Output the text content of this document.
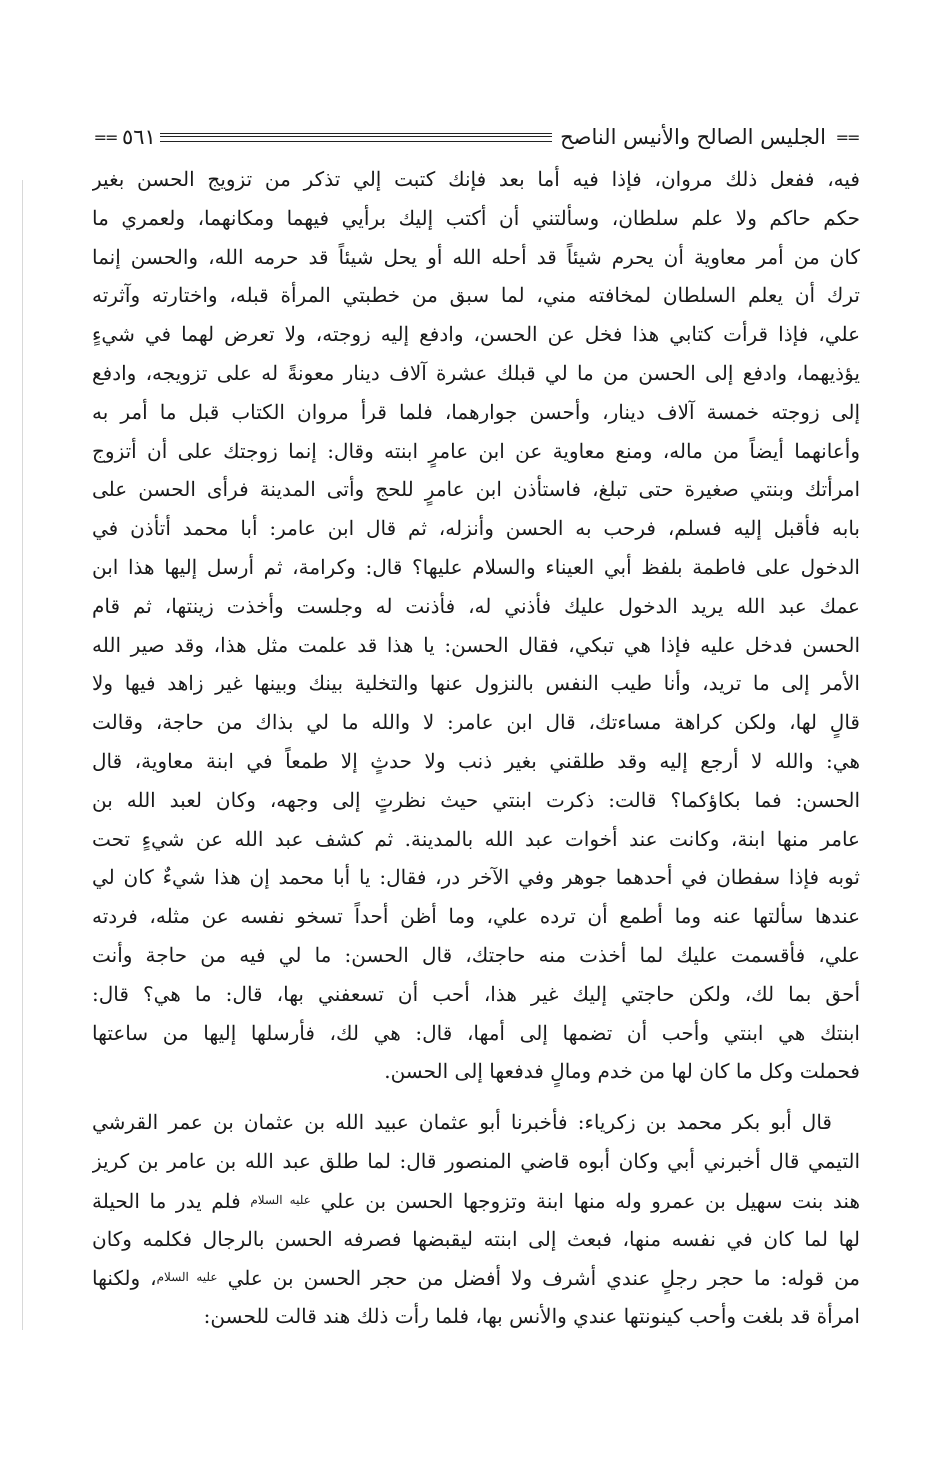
==
الجليس الصالح والأنيس الناصح
٥٦١
==
فيه، ففعل ذلك مروان، فإذا فيه أما بعد فإنك كتبت إلي تذكر من تزويج الحسن بغير
حكم حاكم ولا علم سلطان، وسألتني أن أكتب إليك برأيي فيهما ومكانهما، ولعمري ما
كان من أمر معاوية أن يحرم شيئاً قد أحله الله أو يحل شيئاً قد حرمه الله، والحسن إنما
ترك أن يعلم السلطان لمخافته مني، لما سبق من خطبتي المرأة قبله، واختارته وآثرته
علي، فإذا قرأت كتابي هذا فخل عن الحسن، وادفع إليه زوجته، ولا تعرض لهما في شيءٍ
يؤذيهما، وادفع إلى الحسن من ما لي قبلك عشرة آلاف دينار معونةً له على تزويجه، وادفع
إلى زوجته خمسة آلاف دينار، وأحسن جوارهما، فلما قرأ مروان الكتاب قبل ما أمر به
وأعانهما أيضاً من ماله، ومنع معاوية عن ابن عامرٍ ابنته وقال: إنما زوجتك على أن أتزوج
امرأتك وبنتي صغيرة حتى تبلغ، فاستأذن ابن عامرٍ للحج وأتى المدينة فرأى الحسن على
بابه فأقبل إليه فسلم، فرحب به الحسن وأنزله، ثم قال ابن عامر: أبا محمد أتأذن في
الدخول على فاطمة بلفظ أبي العيناء والسلام عليها؟ قال: وكرامة، ثم أرسل إليها هذا ابن
عمك عبد الله يريد الدخول عليك فأذني له، فأذنت له وجلست وأخذت زينتها، ثم قام
الحسن فدخل عليه فإذا هي تبكي، فقال الحسن: يا هذا قد علمت مثل هذا، وقد صير الله
الأمر إلى ما تريد، وأنا طيب النفس بالنزول عنها والتخلية بينك وبينها غير زاهد فيها ولا
قالٍ لها، ولكن كراهة مساءتك، قال ابن عامر: لا والله ما لي بذاك من حاجة، وقالت
هي: والله لا أرجع إليه وقد طلقني بغير ذنب ولا حدثٍ إلا طمعاً في ابنة معاوية، قال
الحسن: فما بكاؤكما؟ قالت: ذكرت ابنتي حيث نظرتٍ إلى وجهه، وكان لعبد الله بن
عامر منها ابنة، وكانت عند أخوات عبد الله بالمدينة. ثم كشف عبد الله عن شيءٍ تحت
ثوبه فإذا سفطان في أحدهما جوهر وفي الآخر در، فقال: يا أبا محمد إن هذا شيءٌ كان لي
عندها سألتها عنه وما أطمع أن ترده علي، وما أظن أحداً تسخو نفسه عن مثله، فردته
علي، فأقسمت عليك لما أخذت منه حاجتك، قال الحسن: ما لي فيه من حاجة وأنت
أحق بما لك، ولكن حاجتي إليك غير هذا، أحب أن تسعفني بها، قال: ما هي؟ قال:
ابنتك هي ابنتي وأحب أن تضمها إلى أمها، قال: هي لك، فأرسلها إليها من ساعتها
فحملت وكل ما كان لها من خدم ومالٍ فدفعها إلى الحسن.
قال أبو بكر محمد بن زكرياء: فأخبرنا أبو عثمان عبيد الله بن عثمان بن عمر القرشي
التيمي قال أخبرني أبي وكان أبوه قاضي المنصور قال: لما طلق عبد الله بن عامر بن كريز
هند بنت سهيل بن عمرو وله منها ابنة وتزوجها الحسن بن علي $^{عليه السلام}$ فلم يدر ما الحيلة
لها لما كان في نفسه منها، فبعث إلى ابنته ليقبضها فصرفه الحسن بالرجال فكلمه وكان
من قوله: ما حجر رجلٍ عندي أشرف ولا أفضل من حجر الحسن بن علي $^{عليه السلام}$، ولكنها
امرأة قد بلغت وأحب كينونتها عندي والأنس بها، فلما رأت ذلك هند قالت للحسن:
